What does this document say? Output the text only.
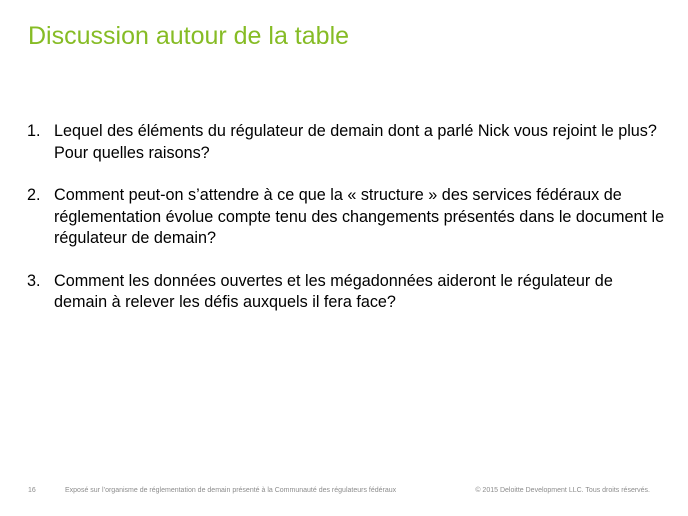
Discussion autour de la table
1. Lequel des éléments du régulateur de demain dont a parlé Nick vous rejoint le plus? Pour quelles raisons?
2. Comment peut-on s’attendre à ce que la « structure » des services fédéraux de réglementation évolue compte tenu des changements présentés dans le document le régulateur de demain?
3. Comment les données ouvertes et les mégadonnées aideront le régulateur de demain à relever les défis auxquels il fera face?
16	Exposé sur l’organisme de réglementation de demain présenté à la Communauté des régulateurs fédéraux	© 2015 Deloitte Development LLC. Tous droits réservés.
